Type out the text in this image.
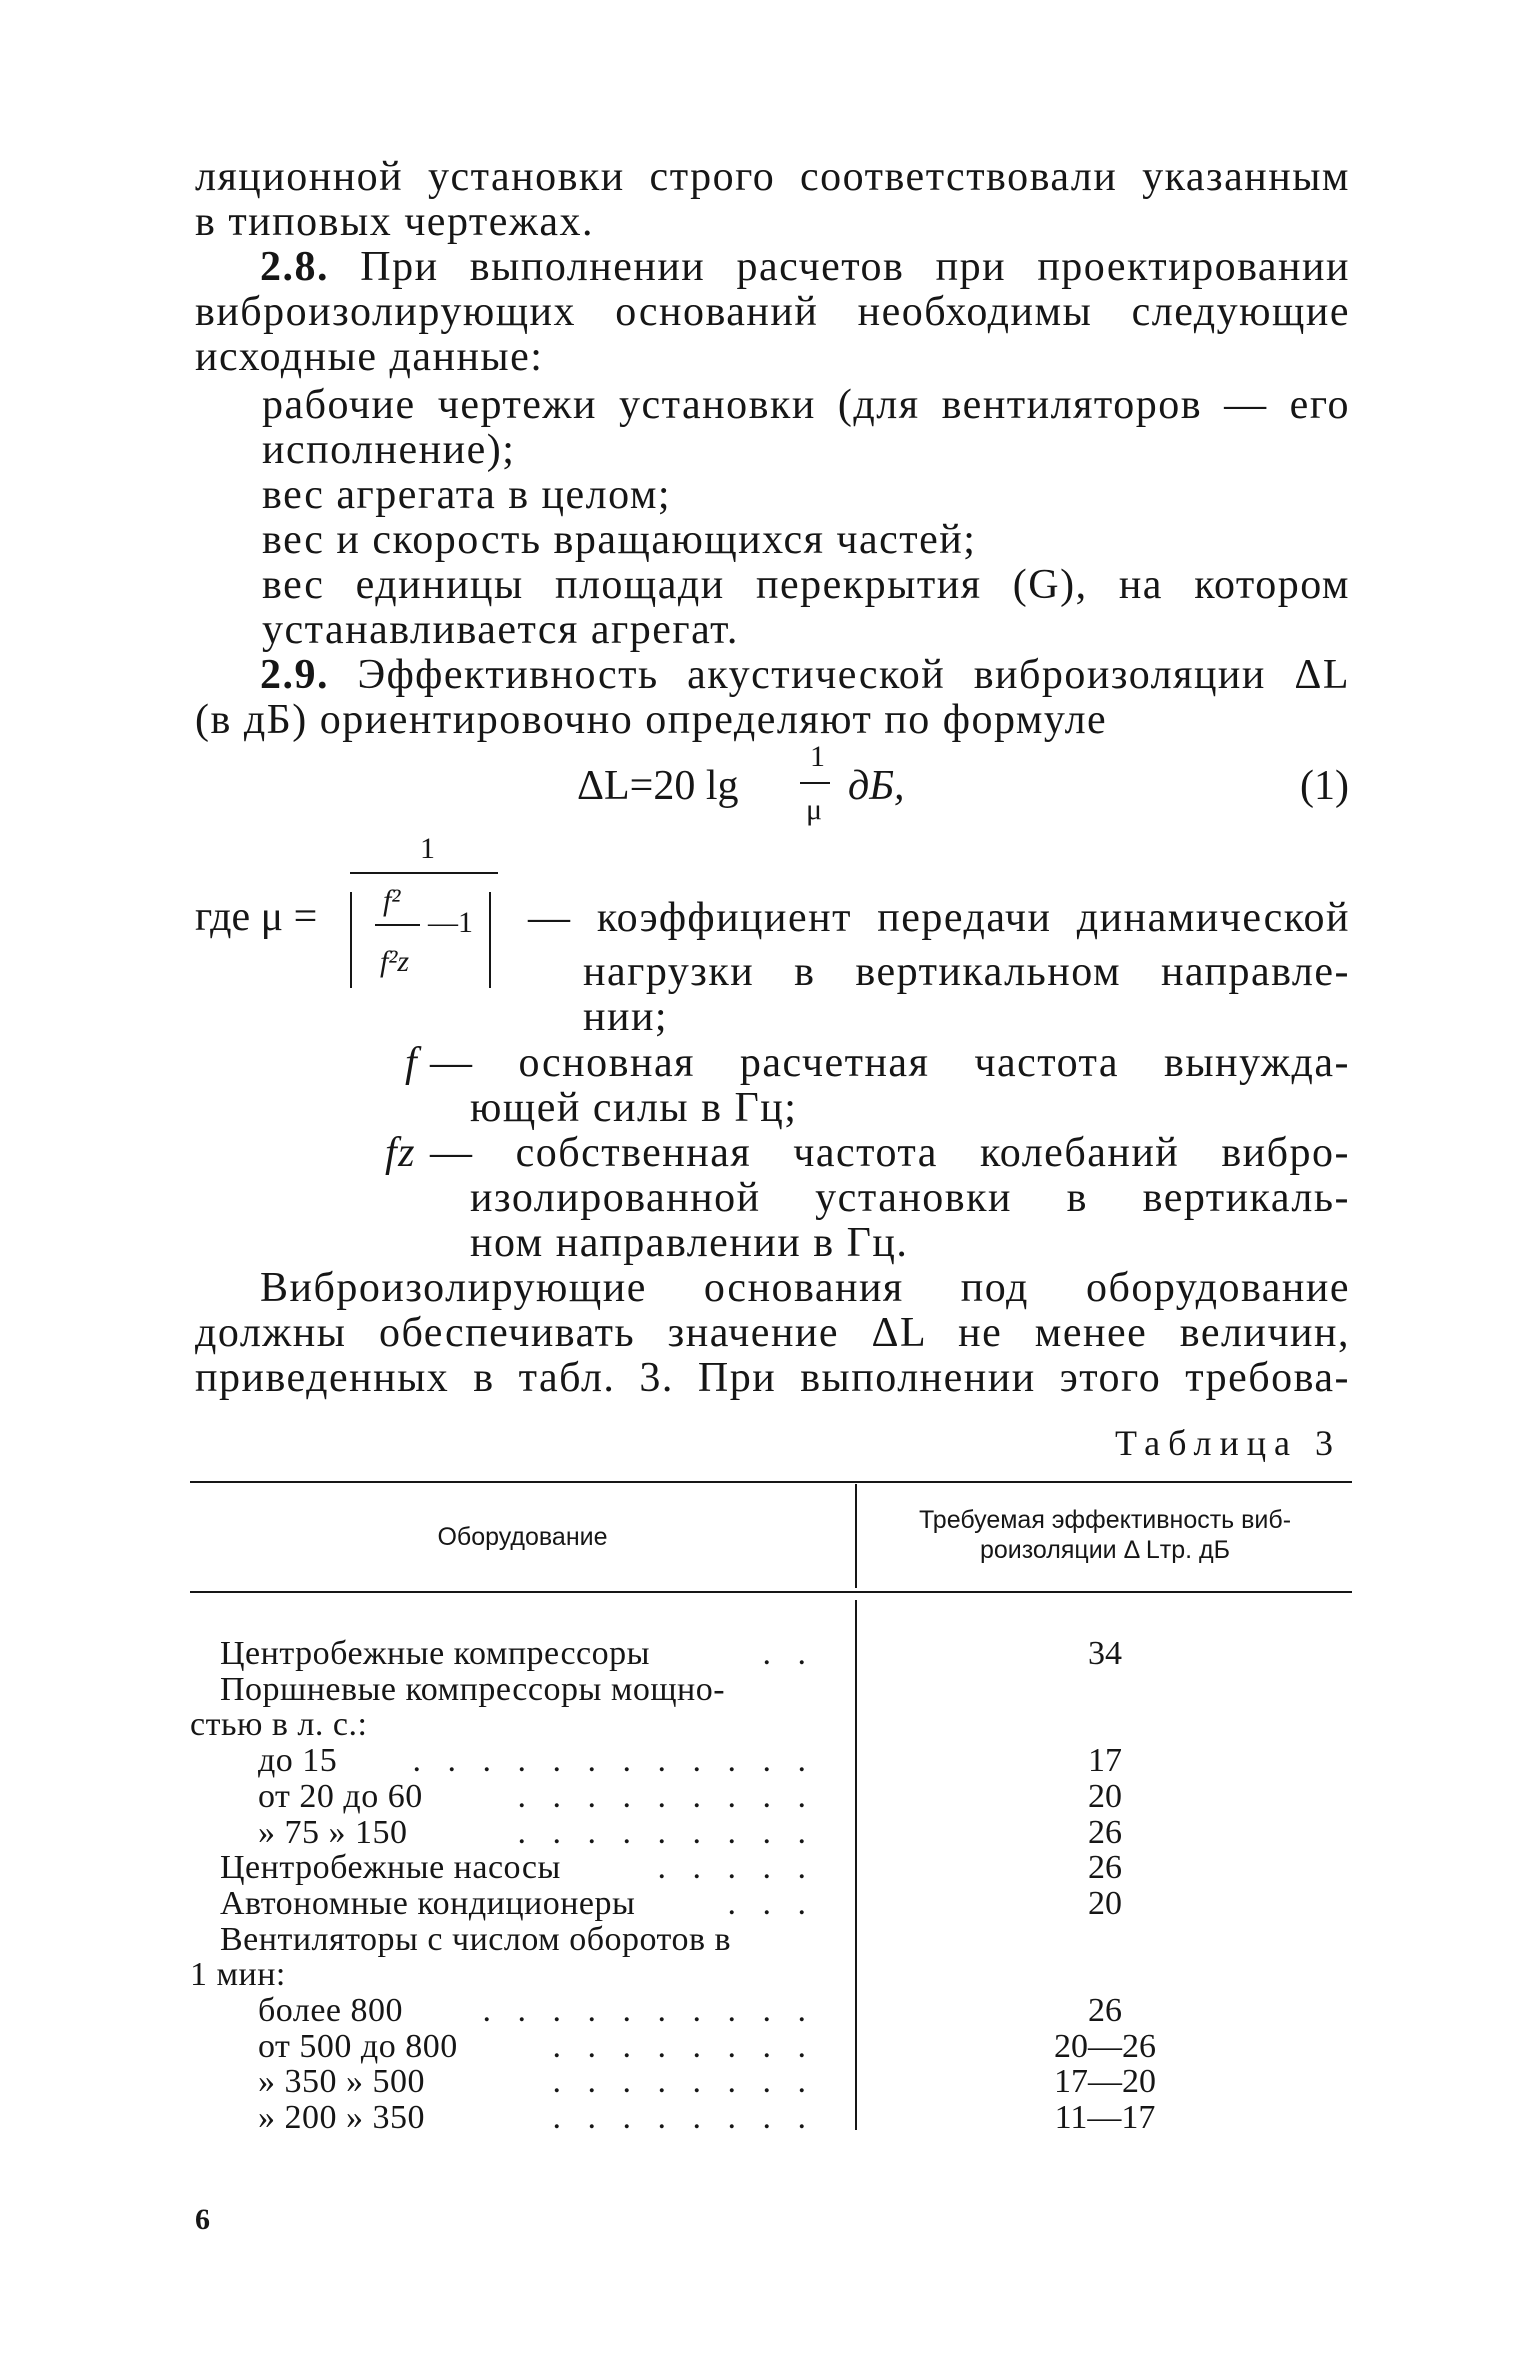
ляционной установки строго соответствовали указанным
в типовых чертежах.
2.8. При выполнении расчетов при проектировании
виброизолирующих оснований необходимы следующие
исходные данные:
рабочие чертежи установки (для вентиляторов — его
исполнение);
вес агрегата в целом;
вес и скорость вращающихся частей;
вес единицы площади перекрытия (G), на котором
устанавливается агрегат.
2.9. Эффективность акустической виброизоляции ΔL
(в дБ) ориентировочно определяют по формуле
ΔL=20 lg
1
μ
дБ,	(1)
1
где μ = f²
f²z
—1 — коэффициент передачи динамической
нагрузки в вертикальном направле-
нии;
f — основная расчетная частота вынужда-
ющей силы в Гц;
fz — собственная частота колебаний вибро-
изолированной установки в вертикаль-
ном направлении в Гц.
Виброизолирующие основания под оборудование
должны обеспечивать значение ΔL не менее величин,
приведенных в табл. 3. При выполнении этого требова-
Таблица 3
Оборудование
Требуемая эффективность виб-
роизоляции Δ Lтр. дБ
Центробежные компрессоры	. .	34
Поршневые компрессоры мощно-
стью в л. с.:
до 15	. . . . . . . . . . . .	17
от 20 до 60	. . . . . . . . .	20
» 75 » 150	. . . . . . . . .	26
Центробежные насосы	. . . . .	26
Автономные кондиционеры	. . .	20
Вентиляторы с числом оборотов в
1 мин:
более 800	. . . . . . . . . .	26
от 500 до 800	. . . . . . . .	20—26
» 350 » 500	. . . . . . . .	17—20
» 200 » 350	. . . . . . . .	11—17
6
